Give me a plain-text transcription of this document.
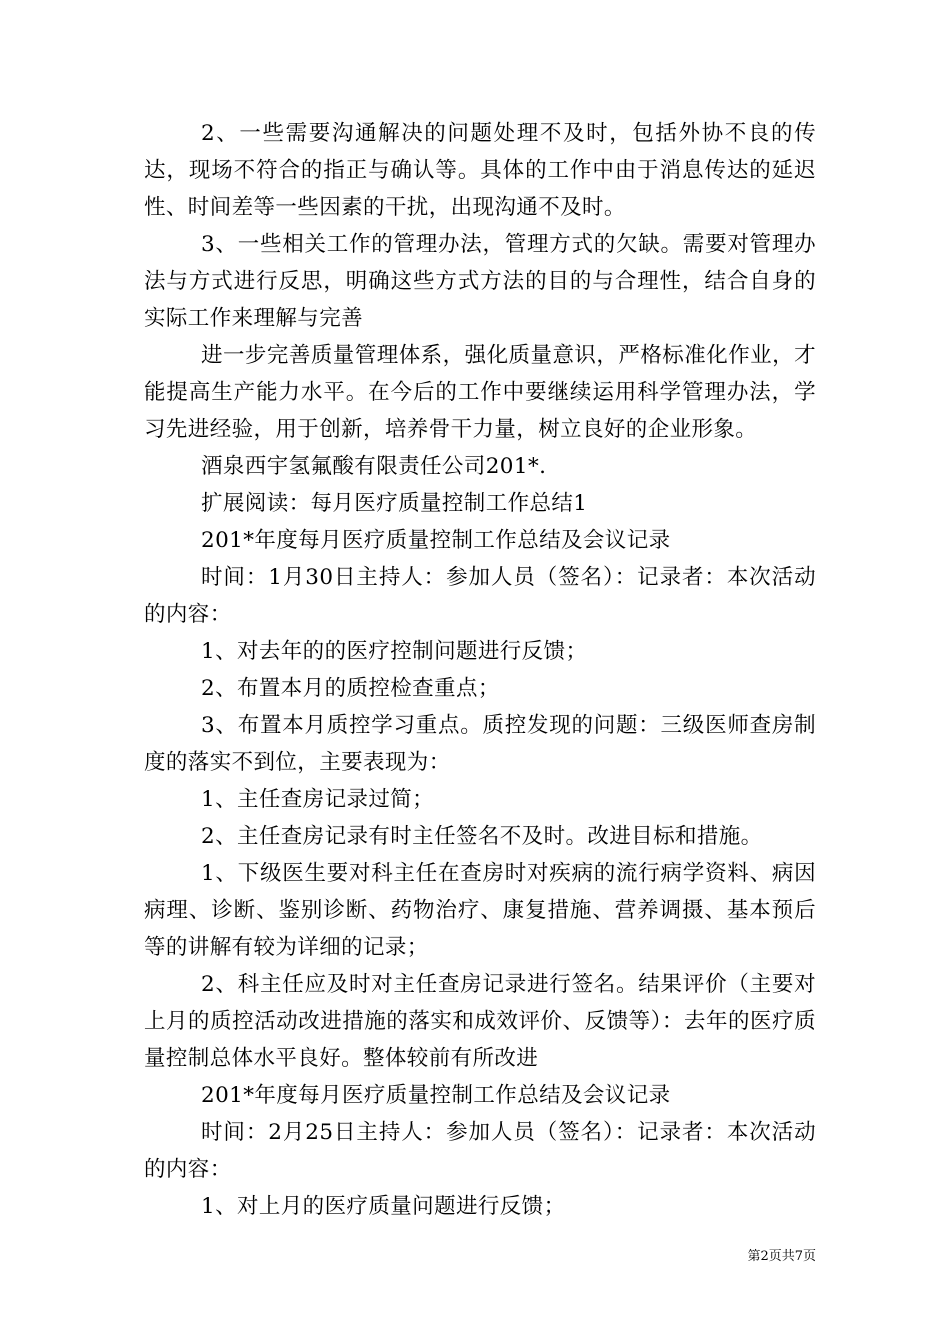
2、一些需要沟通解决的问题处理不及时，包括外协不良的传达，现场不符合的指正与确认等。具体的工作中由于消息传达的延迟性、时间差等一些因素的干扰，出现沟通不及时。

3、一些相关工作的管理办法，管理方式的欠缺。需要对管理办法与方式进行反思，明确这些方式方法的目的与合理性，结合自身的实际工作来理解与完善

进一步完善质量管理体系，强化质量意识，严格标准化作业，才能提高生产能力水平。在今后的工作中要继续运用科学管理办法，学习先进经验，用于创新，培养骨干力量，树立良好的企业形象。

酒泉西宇氢氟酸有限责任公司201*.

扩展阅读：每月医疗质量控制工作总结1

201*年度每月医疗质量控制工作总结及会议记录

时间：1月30日主持人：参加人员（签名）：记录者：本次活动的内容：

1、对去年的的医疗控制问题进行反馈；

2、布置本月的质控检查重点；

3、布置本月质控学习重点。质控发现的问题：三级医师查房制度的落实不到位，主要表现为：

1、主任查房记录过简；

2、主任查房记录有时主任签名不及时。改进目标和措施。

1、下级医生要对科主任在查房时对疾病的流行病学资料、病因病理、诊断、鉴别诊断、药物治疗、康复措施、营养调摄、基本预后等的讲解有较为详细的记录；

2、科主任应及时对主任查房记录进行签名。结果评价（主要对上月的质控活动改进措施的落实和成效评价、反馈等）：去年的医疗质量控制总体水平良好。整体较前有所改进

201*年度每月医疗质量控制工作总结及会议记录

时间：2月25日主持人：参加人员（签名）：记录者：本次活动的内容：

1、对上月的医疗质量问题进行反馈；

第2页共7页
